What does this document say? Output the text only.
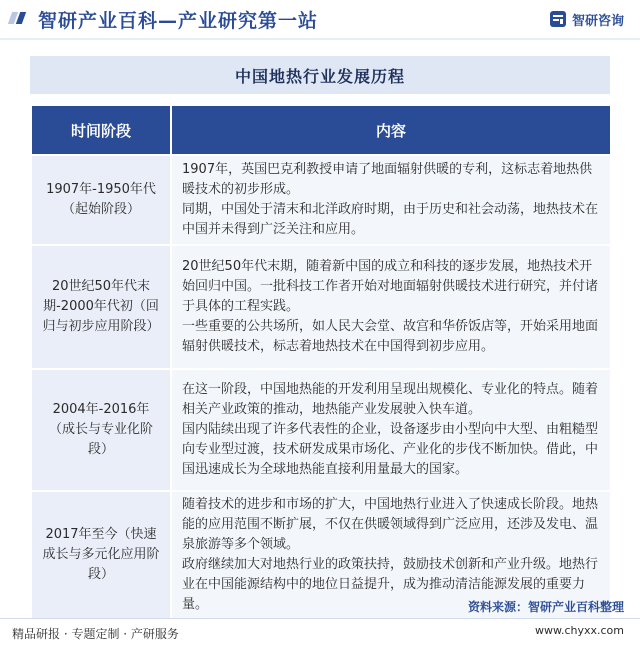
智研产业百科—产业研究第一站	智研咨询
中国地热行业发展历程
时间阶段	内容
1907年-1950年代（起始阶段）	1907年，英国巴克利教授申请了地面辐射供暖的专利，这标志着地热供暖技术的初步形成。

同期，中国处于清末和北洋政府时期，由于历史和社会动荡，地热技术在中国并未得到广泛关注和应用。

20世纪50年代末期-2000年代初（回归与初步应用阶段）	20世纪50年代末期，随着新中国的成立和科技的逐步发展，地热技术开始回归中国。一批科技工作者开始对地面辐射供暖技术进行研究，并付诸于具体的工程实践。

一些重要的公共场所，如人民大会堂、故宫和华侨饭店等，开始采用地面辐射供暖技术，标志着地热技术在中国得到初步应用。

2004年-2016年（成长与专业化阶段）	在这一阶段，中国地热能的开发利用呈现出规模化、专业化的特点。随着相关产业政策的推动，地热能产业发展驶入快车道。

国内陆续出现了许多代表性的企业，设备逐步由小型向中大型、由粗糙型向专业型过渡，技术研发成果市场化、产业化的步伐不断加快。借此，中国迅速成长为全球地热能直接利用量最大的国家。

2017年至今（快速成长与多元化应用阶段）	随着技术的进步和市场的扩大，中国地热行业进入了快速成长阶段。地热能的应用范围不断扩展，不仅在供暖领域得到广泛应用，还涉及发电、温泉旅游等多个领域。

政府继续加大对地热行业的政策扶持，鼓励技术创新和产业升级。地热行业在中国能源结构中的地位日益提升，成为推动清洁能源发展的重要力量。	资料来源：智研产业百科整理
精品研报 · 专题定制 · 产研服务	www.chyxx.com
